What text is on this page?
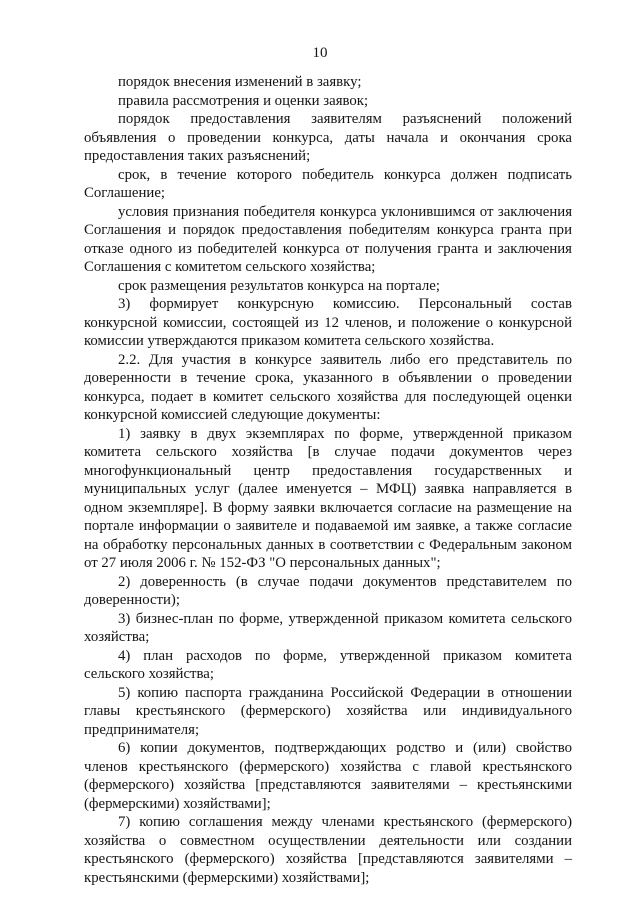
10

порядок внесения изменений в заявку;

правила рассмотрения и оценки заявок;

порядок предоставления заявителям разъяснений положений объявления о проведении конкурса, даты начала и окончания срока предоставления таких разъяснений;

срок, в течение которого победитель конкурса должен подписать Соглашение;

условия признания победителя конкурса уклонившимся от заключения Соглашения и порядок предоставления победителям конкурса гранта при отказе одного из победителей конкурса от получения гранта и заключения Соглашения с комитетом сельского хозяйства;

срок размещения результатов конкурса на портале;

3) формирует конкурсную комиссию. Персональный состав конкурсной комиссии, состоящей из 12 членов, и положение о конкурсной комиссии утверждаются приказом комитета сельского хозяйства.

2.2. Для участия в конкурсе заявитель либо его представитель по доверенности в течение срока, указанного в объявлении о проведении конкурса, подает в комитет сельского хозяйства для последующей оценки конкурсной комиссией следующие документы:

1) заявку в двух экземплярах по форме, утвержденной приказом комитета сельского хозяйства [в случае подачи документов через многофункциональный центр предоставления государственных и муниципальных услуг (далее именуется – МФЦ) заявка направляется в одном экземпляре]. В форму заявки включается согласие на размещение на портале информации о заявителе и подаваемой им заявке, а также согласие на обработку персональных данных в соответствии с Федеральным законом от 27 июля 2006 г. № 152-ФЗ "О персональных данных";

2) доверенность (в случае подачи документов представителем по доверенности);

3) бизнес-план по форме, утвержденной приказом комитета сельского хозяйства;

4) план расходов по форме, утвержденной приказом комитета сельского хозяйства;

5) копию паспорта гражданина Российской Федерации в отношении главы крестьянского (фермерского) хозяйства или индивидуального предпринимателя;

6) копии документов, подтверждающих родство и (или) свойство членов крестьянского (фермерского) хозяйства с главой крестьянского (фермерского) хозяйства [представляются заявителями – крестьянскими (фермерскими) хозяйствами];

7) копию соглашения между членами крестьянского (фермерского) хозяйства о совместном осуществлении деятельности или создании крестьянского (фермерского) хозяйства [представляются заявителями – крестьянскими (фермерскими) хозяйствами];
